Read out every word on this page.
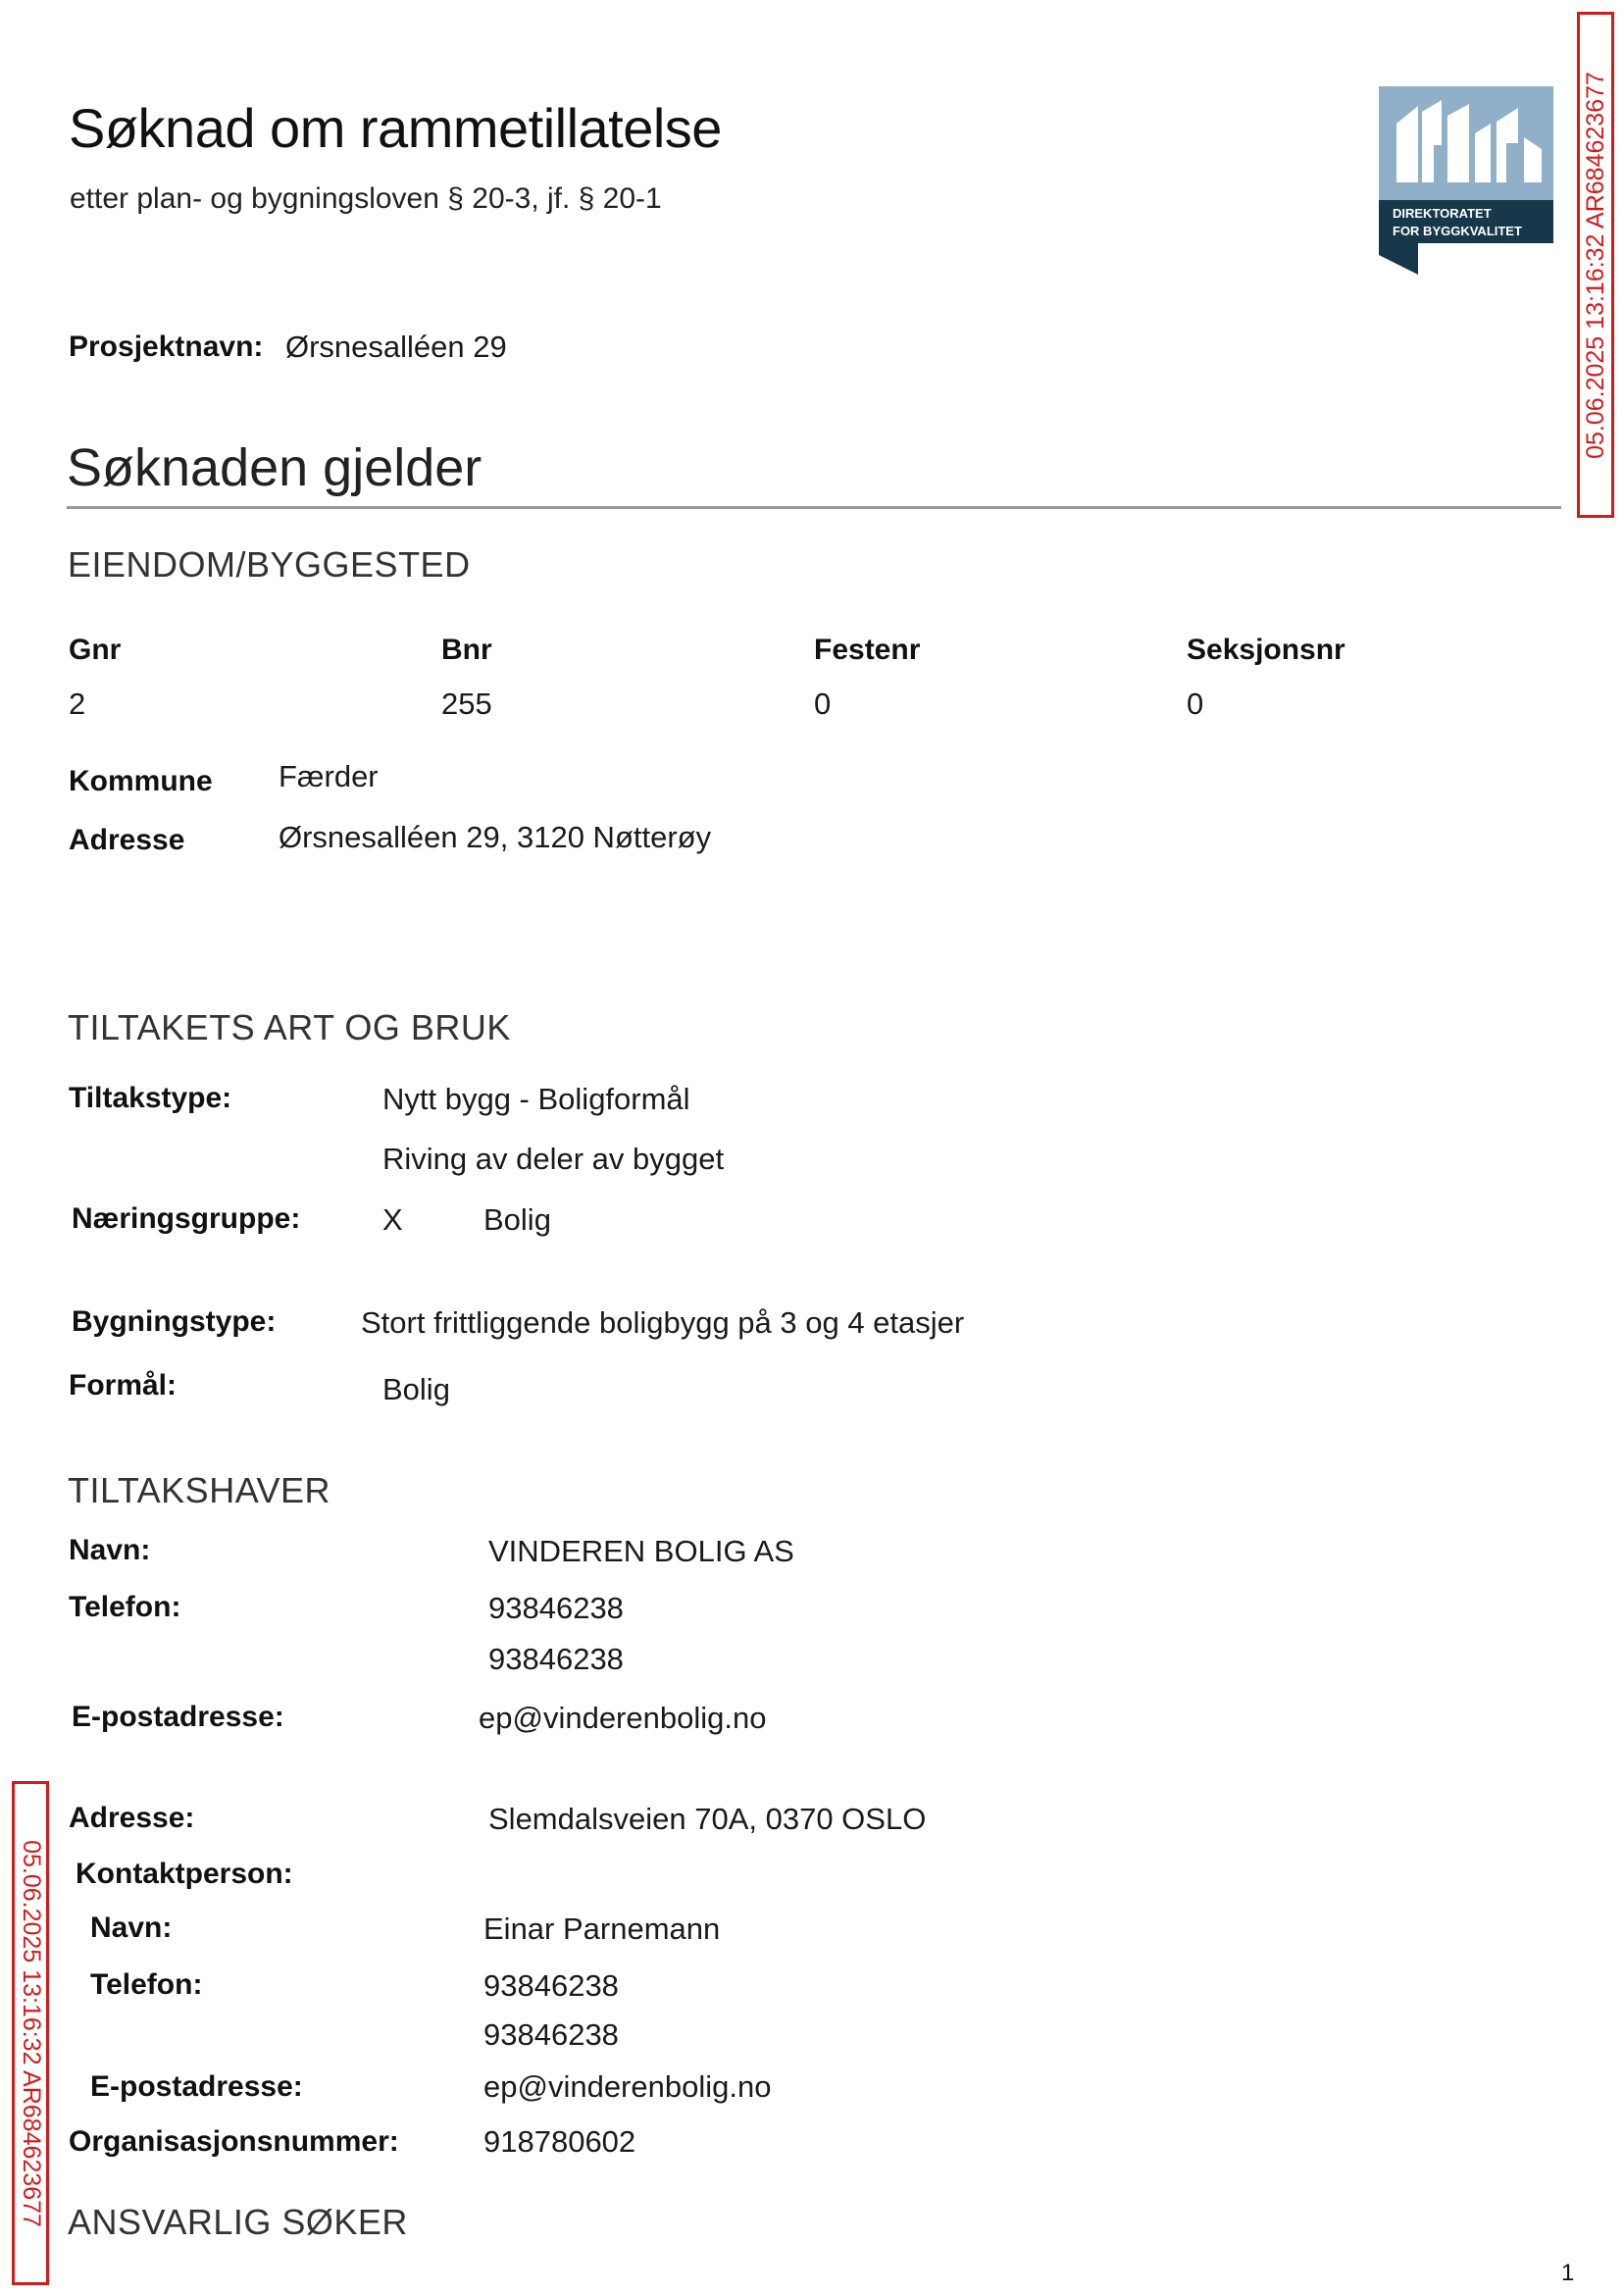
Søknad om rammetillatelse
etter plan- og bygningsloven § 20-3, jf. § 20-1	DIREKTORATET
FOR BYGGKVALITET 05.06.2025 13:16:32 AR684623677
05.06.2025 13:16:32 AR684623677
Prosjektnavn: Ørsnesalléen 29
Søknaden gjelder
EIENDOM/BYGGESTED
Gnr	Bnr	Festenr	Seksjonsnr
2	255	0	0
Kommune Færder
Adresse	Ørsnesalléen 29, 3120 Nøtterøy
TILTAKETS ART OG BRUK
Tiltakstype:	Nytt bygg - Boligformål
Riving av deler av bygget
Næringsgruppe:	X	Bolig
Bygningstype:	Stort frittliggende boligbygg på 3 og 4 etasjer
Formål:	Bolig
TILTAKSHAVER
Navn:	VINDEREN BOLIG AS
Telefon:	93846238
93846238
E-postadresse:	ep@vinderenbolig.no
Adresse:	Slemdalsveien 70A, 0370 OSLO
Kontaktperson:
Navn:	Einar Parnemann
Telefon:	93846238
93846238
E-postadresse:	ep@vinderenbolig.no
Organisasjonsnummer:	918780602
ANSVARLIG SØKER
1
